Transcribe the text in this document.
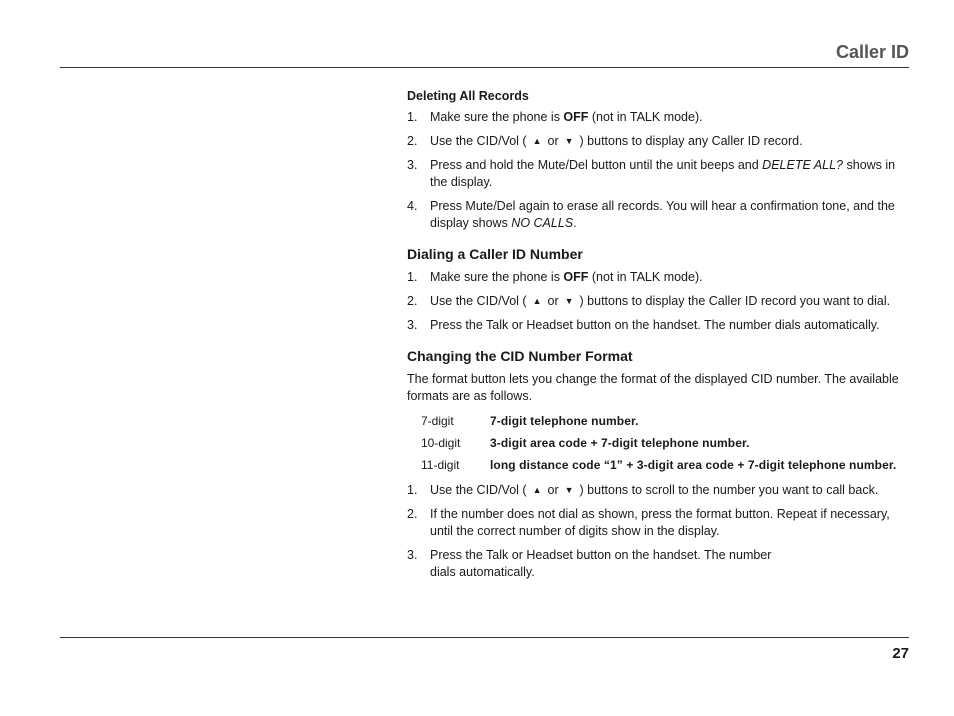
Caller ID
Deleting All Records
1. Make sure the phone is OFF (not in TALK mode).
2. Use the CID/Vol ( ▲ or ▼ ) buttons to display any Caller ID record.
3. Press and hold the Mute/Del button until the unit beeps and DELETE ALL? shows in the display.
4. Press Mute/Del again to erase all records. You will hear a confirmation tone, and the display shows NO CALLS.
Dialing a Caller ID Number
1. Make sure the phone is OFF (not in TALK mode).
2. Use the CID/Vol ( ▲ or ▼ ) buttons to display the Caller ID record you want to dial.
3. Press the Talk or Headset button on the handset. The number dials automatically.
Changing the CID Number Format

The format button lets you change the format of the displayed CID number. The available formats are as follows.

7-digit	7-digit telephone number.
10-digit	3-digit area code + 7-digit telephone number.
11-digit	long distance code “1” + 3-digit area code + 7-digit telephone number.
1. Use the CID/Vol ( ▲ or ▼ ) buttons to scroll to the number you want to call back.
2. If the number does not dial as shown, press the format button. Repeat if necessary, until the correct number of digits show in the display.
3. Press the Talk or Headset button on the handset. The number
dials automatically.
27
